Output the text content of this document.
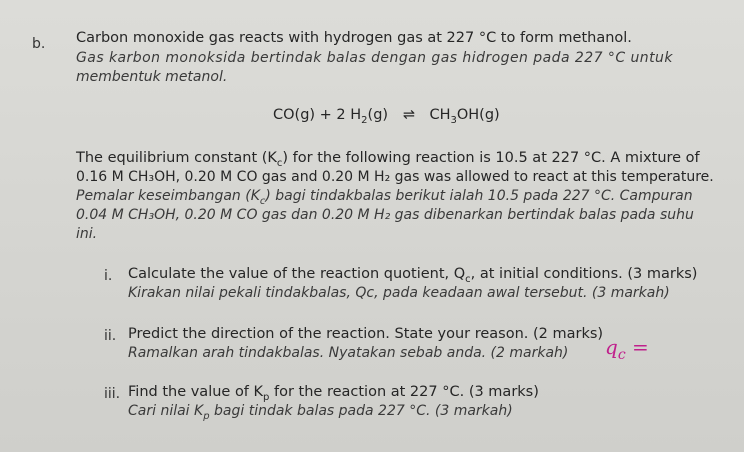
b. Carbon monoxide gas reacts with hydrogen gas at 227 °C to form methanol.
Gas karbon monoksida bertindak balas dengan gas hidrogen pada 227 °C untuk
membentuk metanol.
CO(g) + 2 $H_2(g)$ ⇌ $CH_3OH(g)$
The equilibrium constant $(K_c)$ for the following reaction is 10.5 at 227 °C. A mixture of
0.16 M CH₃OH, 0.20 M CO gas and 0.20 M H₂ gas was allowed to react at this temperature.
Pemalar keseimbangan $(K_c)$ bagi tindakbalas berikut ialah 10.5 pada 227 °C. Campuran
0.04 M CH₃OH, 0.20 M CO gas dan 0.20 M H₂ gas dibenarkan bertindak balas pada suhu
ini.
i. Calculate the value of the reaction quotient, $Q_c$, at initial conditions. (3 marks)
Kirakan nilai pekali tindakbalas, Qc, pada keadaan awal tersebut. (3 markah)
ii. Predict the direction of the reaction. State your reason. (2 marks)
Ramalkan arah tindakbalas. Nyatakan sebab anda. (2 markah) $q_c$ =
iii. Find the value of $K_p$ for the reaction at 227 °C. (3 marks)
Cari nilai $K_p$ bagi tindak balas pada 227 °C. (3 markah)
